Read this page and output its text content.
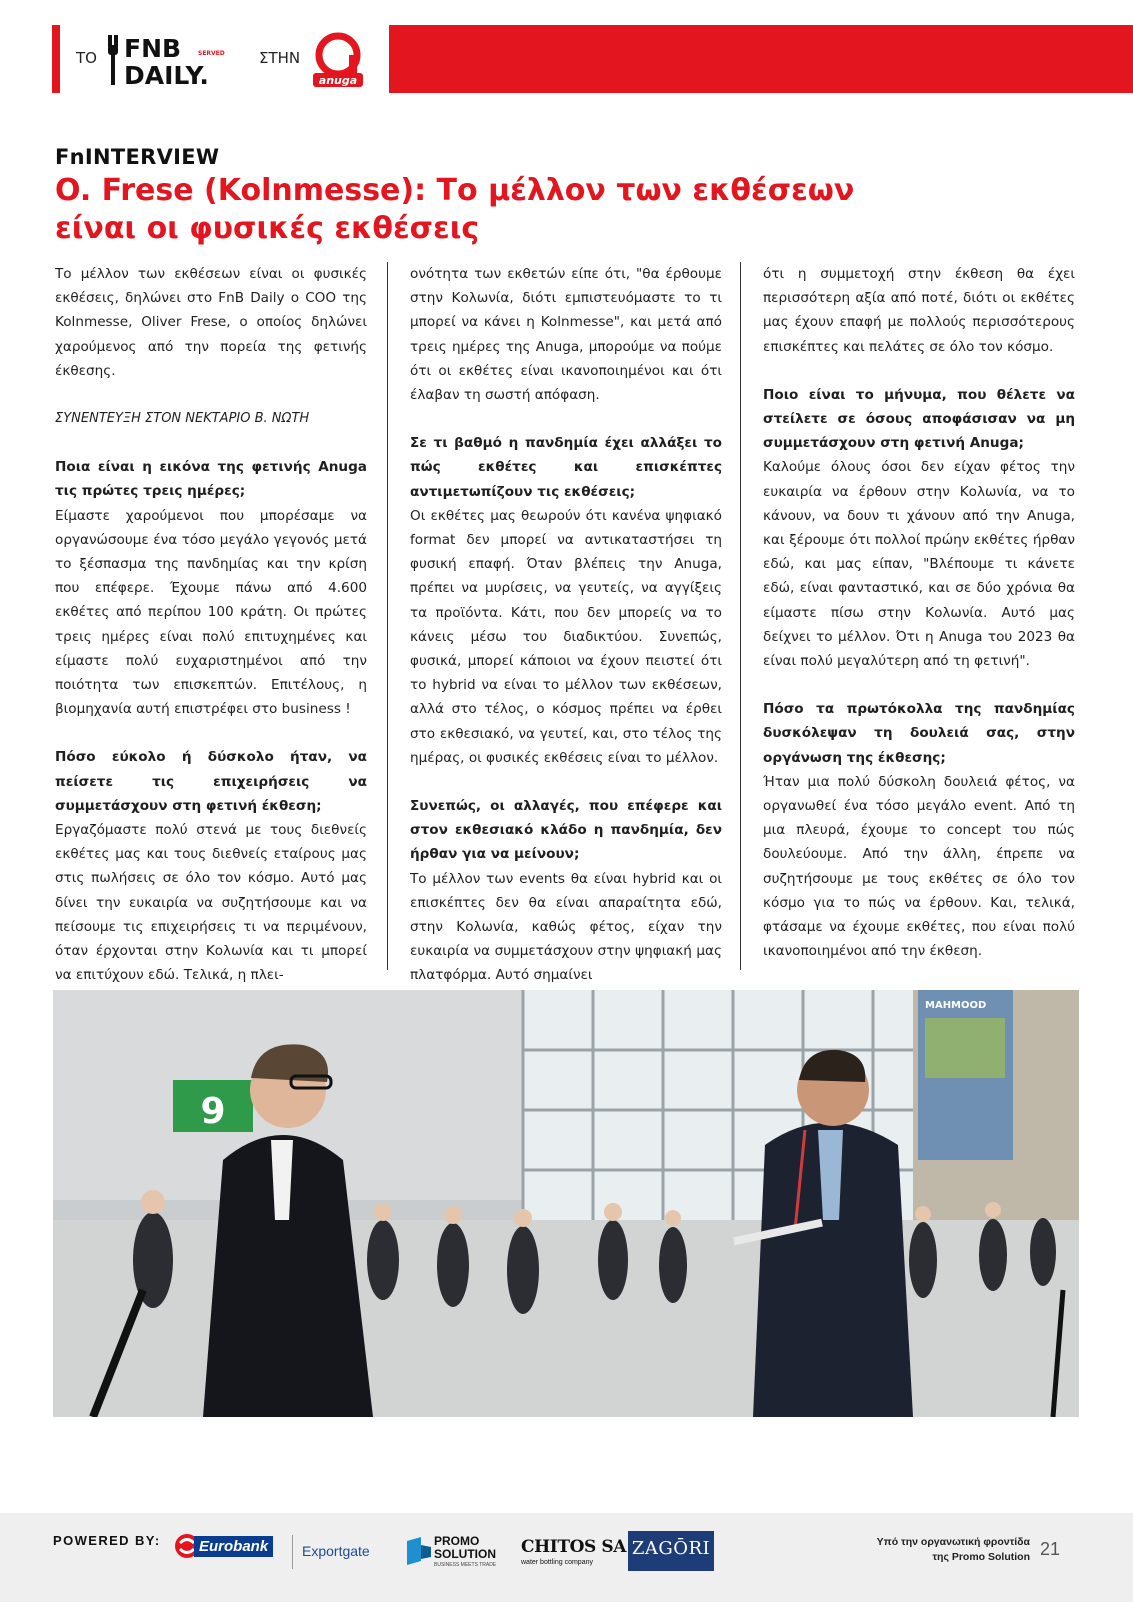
ΤΟ FNB	SERVED
DAILY.
ΣΤΗΝ
anuga
FnINTERVIEW
O. Frese (Kolnmesse): Το μέλλον των εκθέσεων
είναι οι φυσικές εκθέσεις

Το μέλλον των εκθέσεων είναι οι φυσικές εκθέσεις, δηλώνει στο FnB Daily ο COO της Kolnmesse, Oliver Frese, ο οποίος δηλώνει χαρούμενος από την πορεία της φετινής έκθεσης.

ΣΥΝΕΝΤΕΥΞΗ ΣΤΟΝ ΝΕΚΤΑΡΙΟ Β. ΝΩΤΗ

Ποια είναι η εικόνα της φετινής Anuga τις πρώτες τρεις ημέρες;

Είμαστε χαρούμενοι που μπορέσαμε να οργανώσουμε ένα τόσο μεγάλο γεγονός μετά το ξέσπασμα της πανδημίας και την κρίση που επέφερε. Έχουμε πάνω από 4.600 εκθέτες από περίπου 100 κράτη. Οι πρώτες τρεις ημέρες είναι πολύ επιτυχημένες και είμαστε πολύ ευχαριστημένοι από την ποιότητα των επισκεπτών. Επιτέλους, η βιομηχανία αυτή επιστρέφει στο business !

Πόσο εύκολο ή δύσκολο ήταν, να πείσετε τις επιχειρήσεις να συμμετάσχουν στη φετινή έκθεση;

Εργαζόμαστε πολύ στενά με τους διεθνείς εκθέτες μας και τους διεθνείς εταίρους μας στις πωλήσεις σε όλο τον κόσμο. Αυτό μας δίνει την ευκαιρία να συζητήσουμε και να πείσουμε τις επιχειρήσεις τι να περιμένουν, όταν έρχονται στην Κολωνία και τι μπορεί να επιτύχουν εδώ. Τελικά, η πλει-

ονότητα των εκθετών είπε ότι, "θα έρθουμε στην Κολωνία, διότι εμπιστευόμαστε το τι μπορεί να κάνει η Kolnmesse", και μετά από τρεις ημέρες της Anuga, μπορούμε να πούμε ότι οι εκθέτες είναι ικανοποιημένοι και ότι έλαβαν τη σωστή απόφαση.

Σε τι βαθμό η πανδημία έχει αλλάξει το πώς εκθέτες και επισκέπτες αντιμετωπίζουν τις εκθέσεις;

Οι εκθέτες μας θεωρούν ότι κανένα ψηφιακό format δεν μπορεί να αντικαταστήσει τη φυσική επαφή. Όταν βλέπεις την Anuga, πρέπει να μυρίσεις, να γευτείς, να αγγίξεις τα προϊόντα. Κάτι, που δεν μπορείς να το κάνεις μέσω του διαδικτύου. Συνεπώς, φυσικά, μπορεί κάποιοι να έχουν πειστεί ότι το hybrid να είναι το μέλλον των εκθέσεων, αλλά στο τέλος, ο κόσμος πρέπει να έρθει στο εκθεσιακό, να γευτεί, και, στο τέλος της ημέρας, οι φυσικές εκθέσεις είναι το μέλλον.

Συνεπώς, οι αλλαγές, που επέφερε και στον εκθεσιακό κλάδο η πανδημία, δεν ήρθαν για να μείνουν;

Το μέλλον των events θα είναι hybrid και οι επισκέπτες δεν θα είναι απαραίτητα εδώ, στην Κολωνία, καθώς φέτος, είχαν την ευκαιρία να συμμετάσχουν στην ψηφιακή μας πλατφόρμα. Αυτό σημαίνει

ότι η συμμετοχή στην έκθεση θα έχει περισσότερη αξία από ποτέ, διότι οι εκθέτες μας έχουν επαφή με πολλούς περισσότερους επισκέπτες και πελάτες σε όλο τον κόσμο.

Ποιο είναι το μήνυμα, που θέλετε να στείλετε σε όσους αποφάσισαν να μη συμμετάσχουν στη φετινή Anuga;

Καλούμε όλους όσοι δεν είχαν φέτος την ευκαιρία να έρθουν στην Κολωνία, να το κάνουν, να δουν τι χάνουν από την Anuga, και ξέρουμε ότι πολλοί πρώην εκθέτες ήρθαν εδώ, και μας είπαν, "Βλέπουμε τι κάνετε εδώ, είναι φανταστικό, και σε δύο χρόνια θα είμαστε πίσω στην Κολωνία. Αυτό μας δείχνει το μέλλον. Ότι η Anuga του 2023 θα είναι πολύ μεγαλύτερη από τη φετινή".

Πόσο τα πρωτόκολλα της πανδημίας δυσκόλεψαν τη δουλειά σας, στην οργάνωση της έκθεσης;

Ήταν μια πολύ δύσκολη δουλειά φέτος, να οργανωθεί ένα τόσο μεγάλο event. Από τη μια πλευρά, έχουμε το concept του πώς δουλεύουμε. Από την άλλη, έπρεπε να συζητήσουμε με τους εκθέτες σε όλο τον κόσμο για το πώς να έρθουν. Και, τελικά, φτάσαμε να έχουμε εκθέτες, που είναι πολύ ικανοποιημένοι από την έκθεση.

MAHMOOD
9
POWERED BY:	Eurobank	Exportgate
PROMO
SOLUTION
BUSINESS MEETS TRADE
CHITOS SA
water bottling company
ZAGŌRI	Υπό την οργανωτική φροντίδα
της Promo Solution 21
